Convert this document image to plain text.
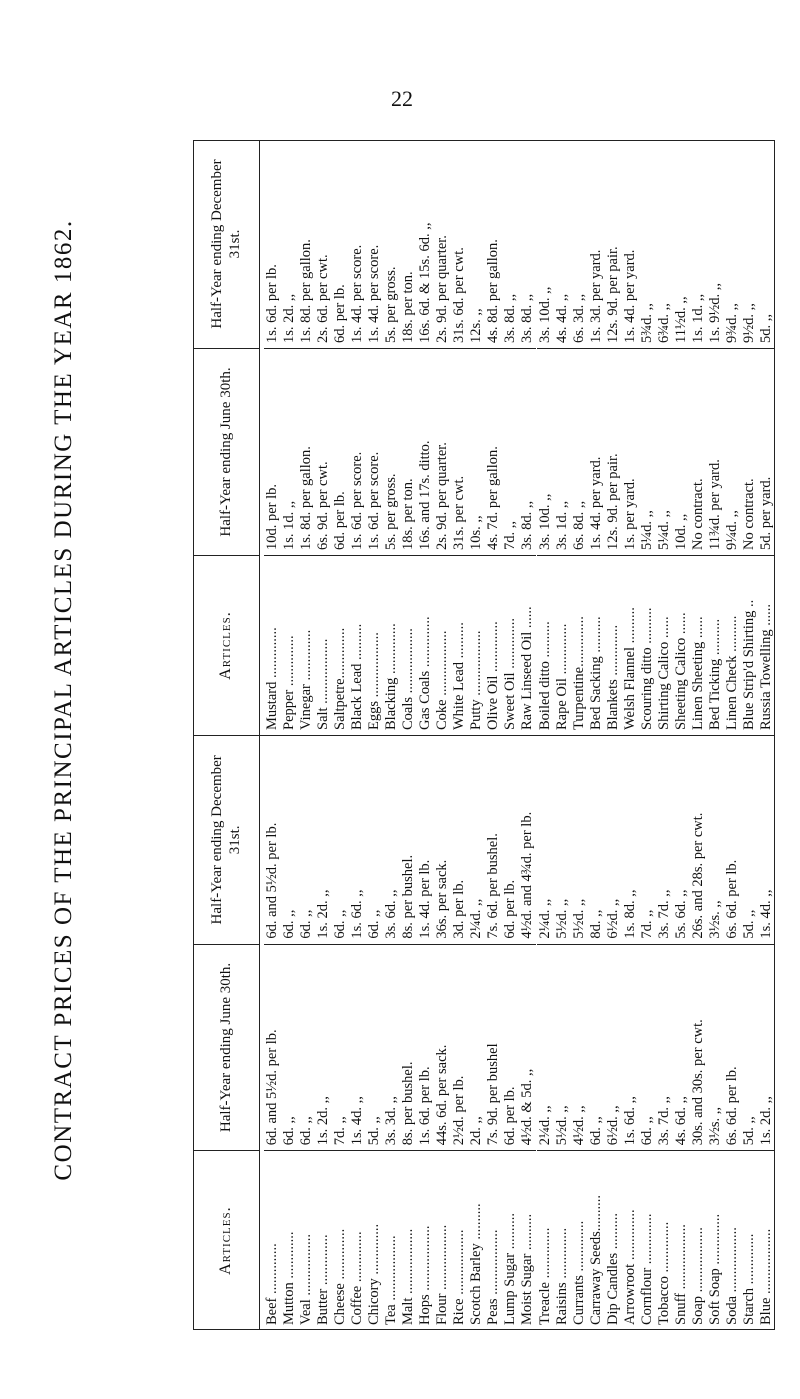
22
CONTRACT PRICES OF THE PRINCIPAL ARTICLES DURING THE YEAR 1862.
Articles.
Half-Year ending June 30th.
Half-Year ending December 31st.
Beef ..............
6d. and 5½d. per lb.
6d. and 5½d. per lb.
Mutton .............
6d. ,,
6d. ,,
Veal .................
6d. ,,
6d. ,,
Butter ..............
1s. 2d. ,,
1s. 2d. ,,
Cheese ..............
7d. ,,
6d. ,,
Coffee ..............
1s. 4d. ,,
1s. 6d. ,,
Chicory ..............
5d. ,,
6d. ,,
Tea ..................
3s. 3d. ,,
3s. 6d. ,,
Malt ..................
8s. per bushel.
8s. per bushel.
Hops ..................
1s. 6d. per lb.
1s. 4d. per lb.
Flour ..................
44s. 6d. per sack.
36s. per sack.
Rice ..................
2½d. per lb.
3d. per lb.
Scotch Barley ..........
2d. ,,
2¼d. ,,
Peas ..................
7s. 9d. per bushel
7s. 6d. per bushel.
Lump Sugar ..........
6d. per lb.
6d. per lb.
Moist Sugar ..........
4½d. & 5d. ,,
4½d. and 4¾d. per lb.
Treacle ..............
2¼d. ,,
2¼d. ,,
Raisins ..............
5½d. ,,
5½d. ,,
Currants ..............
4½d. ,,
5½d. ,,
Carraway Seeds..........
6d. ,,
8d. ,,
Dip Candles ..........
6½d. ,,
6½d. ,,
Arrowroot ..............
1s. 6d. ,,
1s. 8d. ,,
Cornflour ..............
6d. ,,
7d. ,,
Tobacco ..............
3s. 7d. ,,
3s. 7d. ,,
Snuff ..................
4s. 6d. ,,
5s. 6d. ,,
Soap ..................
30s. and 30s. per cwt.
26s. and 28s. per cwt.
Soft Soap ..............
3½s. ,,
3½s. ,,
Soda ..................
6s. 6d. per lb.
6s. 6d. per lb.
Starch ..............
5d. ,,
5d. ,,
Blue ..................
1s. 2d. ,,
1s. 4d. ,,
Articles.
Half-Year ending June 30th.
Half-Year ending December 31st.
Mustard ..............
10d. per lb.
1s. 6d. per lb.
Pepper ..............
1s. 1d. ,,
1s. 2d. ,,
Vinegar ..............
1s. 8d. per gallon.
1s. 8d. per gallon.
Salt ..................
6s. 9d. per cwt.
2s. 6d. per cwt.
Saltpetre..............
6d. per lb.
6d. per lb.
Black Lead ..........
1s. 6d. per score.
1s. 4d. per score.
Eggs ..................
1s. 6d. per score.
1s. 4d. per score.
Blacking ..............
5s. per gross.
5s. per gross.
Coals ..................
18s. per ton.
18s. per ton.
Gas Coals ..............
16s. and 17s. ditto.
16s. 6d. & 15s. 6d. ,,
Coke ..................
2s. 9d. per quarter.
2s. 9d. per quarter.
White Lead ..........
31s. per cwt.
31s. 6d. per cwt.
Putty ..................
10s. ,,
12s. ,,
Olive Oil ..............
4s. 7d. per gallon.
4s. 8d. per gallon.
Sweet Oil ..............
7d. ,,
3s. 8d. ,,
Raw Linseed Oil ......
3s. 8d. ,,
3s. 8d. ,,
Boiled ditto ..........
3s. 10d. ,,
3s. 10d. ,,
Rape Oil ..............
3s. 1d. ,,
4s. 4d. ,,
Turpentine..............
6s. 8d. ,,
6s. 3d. ,,
Bed Sacking ..........
1s. 4d. per yard.
1s. 3d. per yard.
Blankets ..............
12s. 9d. per pair.
12s. 9d. per pair.
Welsh Flannel ..........
1s. per yard.
1s. 4d. per yard.
Scouring ditto ..........
5¼d. ,,
5¾d. ,,
Shirting Calico ......
5¼d. ,,
6¾d. ,,
Sheeting Calico ......
10d. ,,
11½d. ,,
Linen Sheeting ......
No contract.
1s. 1d. ,,
Bed Ticking ..........
11¾d. per yard.
1s. 9½d. ,,
Linen Check ..........
9¼d. ,,
9¾d. ,,
Blue Strip'd Shirting ..
No contract.
9½d. ,,
Russia Towelling ......
5d. per yard.
5d. ,,
